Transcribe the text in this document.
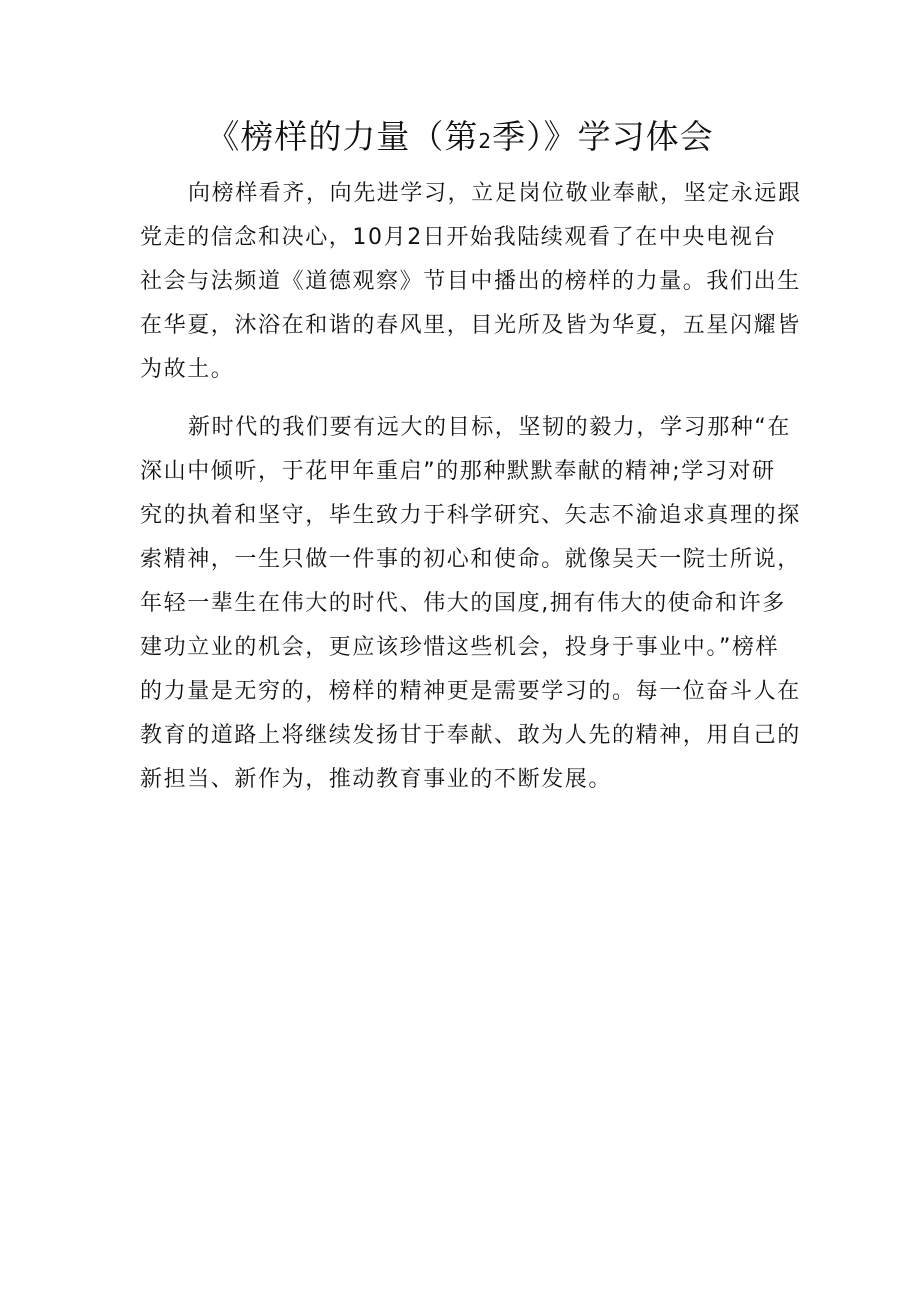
《榜样的力量（第2季）》学习体会
向榜样看齐，向先进学习，立足岗位敬业奉献，坚定永远跟
党走的信念和决心，10月2日开始我陆续观看了在中央电视台
社会与法频道《道德观察》节目中播出的榜样的力量。我们出生
在华夏，沐浴在和谐的春风里，目光所及皆为华夏，五星闪耀皆
为故土。
新时代的我们要有远大的目标，坚韧的毅力，学习那种“在
深山中倾听，于花甲年重启”的那种默默奉献的精神;学习对研
究的执着和坚守，毕生致力于科学研究、矢志不渝追求真理的探
索精神，一生只做一件事的初心和使命。就像吴天一院士所说，
年轻一辈生在伟大的时代、伟大的国度,拥有伟大的使命和许多
建功立业的机会，更应该珍惜这些机会，投身于事业中。”榜样
的力量是无穷的，榜样的精神更是需要学习的。每一位奋斗人在
教育的道路上将继续发扬甘于奉献、敢为人先的精神，用自己的
新担当、新作为，推动教育事业的不断发展。
